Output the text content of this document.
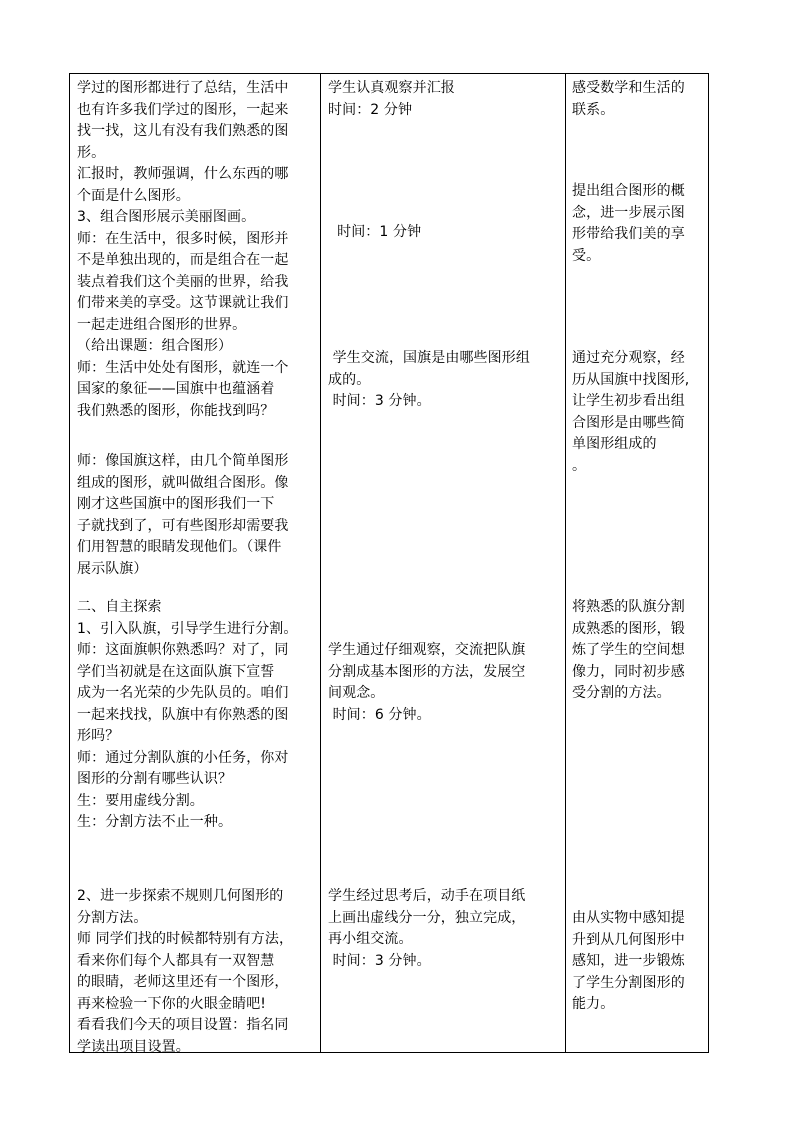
学过的图形都进行了总结，生活中
也有许多我们学过的图形，一起来
找一找，这儿有没有我们熟悉的图
形。
汇报时，教师强调，什么东西的哪
个面是什么图形。
3、组合图形展示美丽图画。
师：在生活中，很多时候，图形并
不是单独出现的，而是组合在一起
装点着我们这个美丽的世界，给我
们带来美的享受。这节课就让我们
一起走进组合图形的世界。
（给出课题：组合图形）
师：生活中处处有图形，就连一个
国家的象征——国旗中也蕴涵着
我们熟悉的图形，你能找到吗？

师：像国旗这样，由几个简单图形
组成的图形，就叫做组合图形。像
刚才这些国旗中的图形我们一下
子就找到了，可有些图形却需要我
们用智慧的眼睛发现他们。（课件
展示队旗）

二、自主探索
1、引入队旗，引导学生进行分割。
师：这面旗帜你熟悉吗？对了，同
学们当初就是在这面队旗下宣誓
成为一名光荣的少先队员的。咱们
一起来找找，队旗中有你熟悉的图
形吗？
师：通过分割队旗的小任务，你对
图形的分割有哪些认识？
生：要用虚线分割。
生：分割方法不止一种。

2、进一步探索不规则几何图形的
分割方法。
师 同学们找的时候都特别有方法，
看来你们每个人都具有一双智慧
的眼睛，老师这里还有一个图形，
再来检验一下你的火眼金睛吧!
看看我们今天的项目设置：指名同
学读出项目设置。

学生认真观察并汇报
时间：2 分钟

时间：1 分钟

学生交流，国旗是由哪些图形组
成的。
时间：3 分钟。

学生通过仔细观察，交流把队旗
分割成基本图形的方法，发展空
间观念。
时间：6 分钟。

学生经过思考后，动手在项目纸
上画出虚线分一分，独立完成，
再小组交流。
时间：3 分钟。

感受数学和生活的
联系。

提出组合图形的概
念，进一步展示图
形带给我们美的享
受。

通过充分观察，经
历从国旗中找图形,
让学生初步看出组
合图形是由哪些简
单图形组成的
。

将熟悉的队旗分割
成熟悉的图形，锻
炼了学生的空间想
像力，同时初步感
受分割的方法。

由从实物中感知提
升到从几何图形中
感知，进一步锻炼
了学生分割图形的
能力。
